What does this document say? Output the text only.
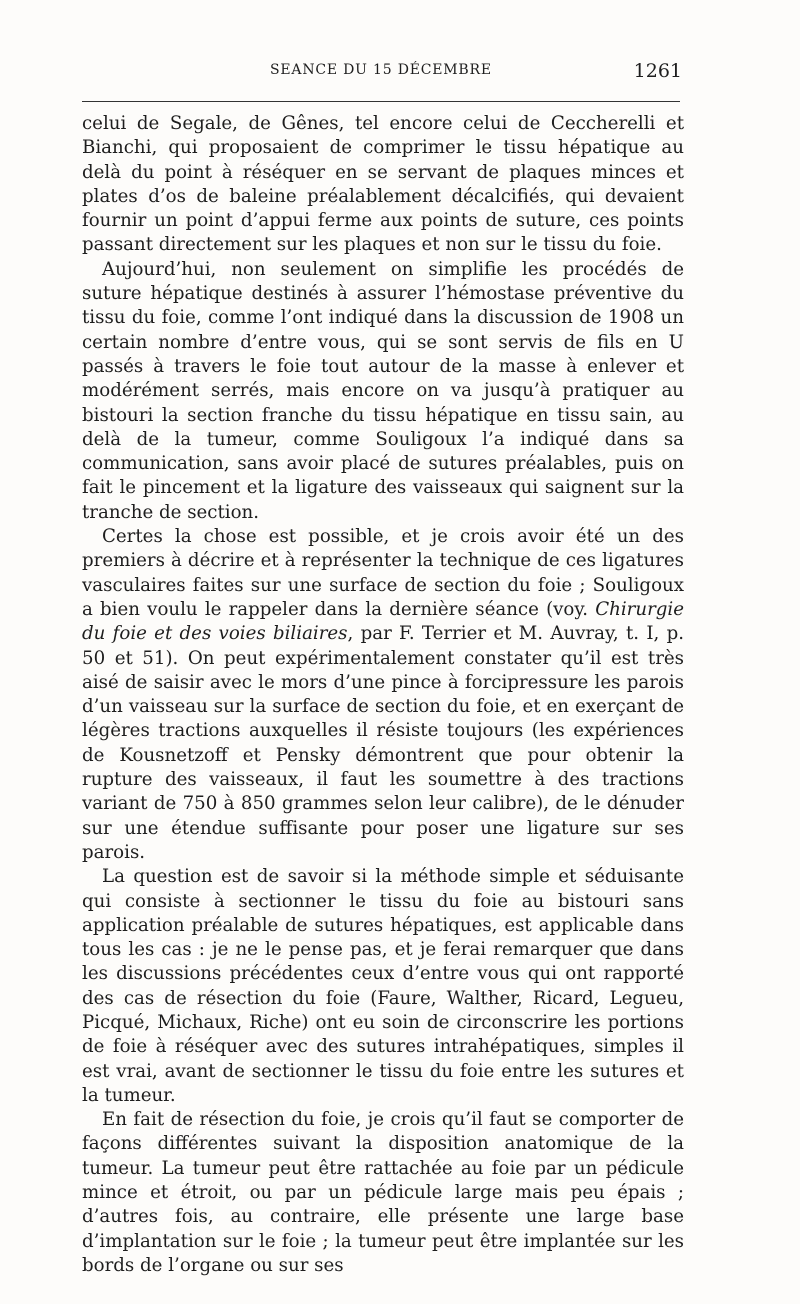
SEANCE DU 15 DÉCEMBRE	1261

celui de Segale, de Gênes, tel encore celui de Ceccherelli et Bianchi, qui proposaient de comprimer le tissu hépatique au delà du point à réséquer en se servant de plaques minces et plates d’os de baleine préalablement décalcifiés, qui devaient fournir un point d’appui ferme aux points de suture, ces points passant directement sur les plaques et non sur le tissu du foie.

Aujourd’hui, non seulement on simplifie les procédés de suture hépatique destinés à assurer l’hémostase préventive du tissu du foie, comme l’ont indiqué dans la discussion de 1908 un certain nombre d’entre vous, qui se sont servis de fils en U passés à travers le foie tout autour de la masse à enlever et modérément serrés, mais encore on va jusqu’à pratiquer au bistouri la section franche du tissu hépatique en tissu sain, au delà de la tumeur, comme Souligoux l’a indiqué dans sa communication, sans avoir placé de sutures préalables, puis on fait le pincement et la ligature des vaisseaux qui saignent sur la tranche de section.

Certes la chose est possible, et je crois avoir été un des premiers à décrire et à représenter la technique de ces ligatures vasculaires faites sur une surface de section du foie ; Souligoux a bien voulu le rappeler dans la dernière séance (voy. Chirurgie du foie et des voies biliaires, par F. Terrier et M. Auvray, t. I, p. 50 et 51). On peut expérimentalement constater qu’il est très aisé de saisir avec le mors d’une pince à forcipressure les parois d’un vaisseau sur la surface de section du foie, et en exerçant de légères tractions auxquelles il résiste toujours (les expériences de Kousnetzoff et Pensky démontrent que pour obtenir la rupture des vaisseaux, il faut les soumettre à des tractions variant de 750 à 850 grammes selon leur calibre), de le dénuder sur une étendue suffisante pour poser une ligature sur ses parois.

La question est de savoir si la méthode simple et séduisante qui consiste à sectionner le tissu du foie au bistouri sans application préalable de sutures hépatiques, est applicable dans tous les cas : je ne le pense pas, et je ferai remarquer que dans les discussions précédentes ceux d’entre vous qui ont rapporté des cas de résection du foie (Faure, Walther, Ricard, Legueu, Picqué, Michaux, Riche) ont eu soin de circonscrire les portions de foie à réséquer avec des sutures intrahépatiques, simples il est vrai, avant de sectionner le tissu du foie entre les sutures et la tumeur.

En fait de résection du foie, je crois qu’il faut se comporter de façons différentes suivant la disposition anatomique de la tumeur. La tumeur peut être rattachée au foie par un pédicule mince et étroit, ou par un pédicule large mais peu épais ; d’autres fois, au contraire, elle présente une large base d’implantation sur le foie ; la tumeur peut être implantée sur les bords de l’organe ou sur ses
